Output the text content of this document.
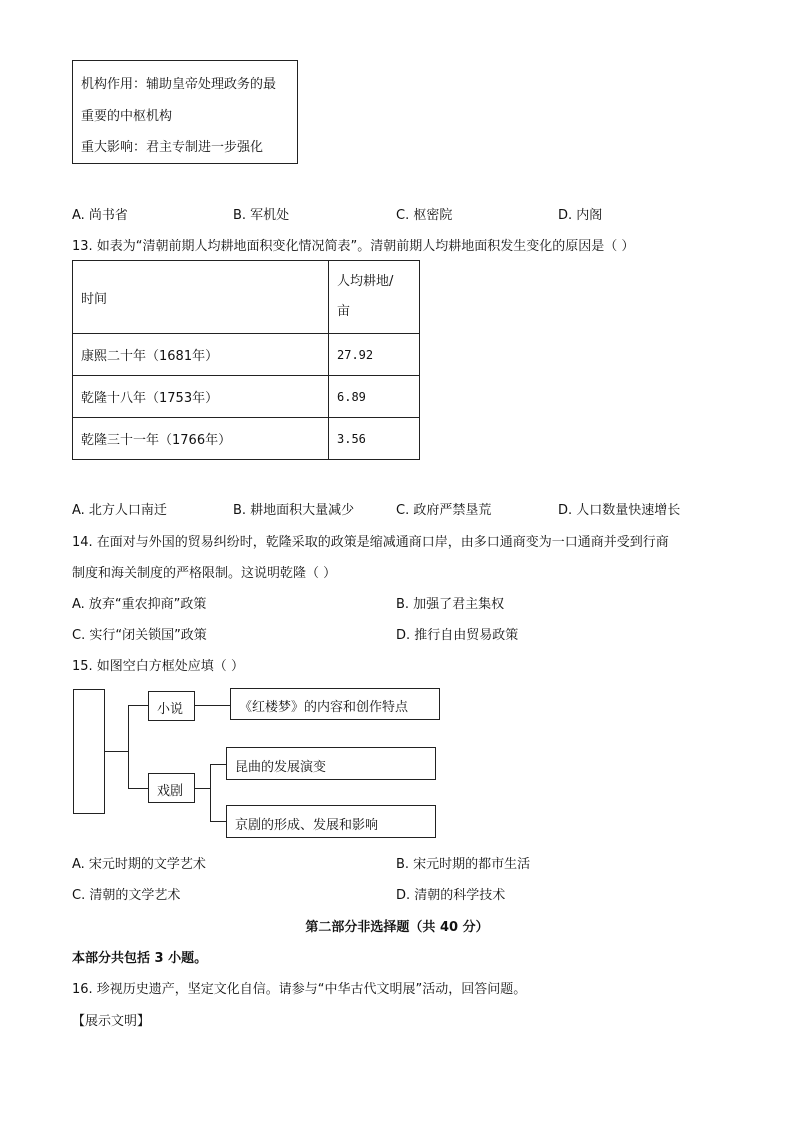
机构作用：辅助皇帝处理政务的最
重要的中枢机构
重大影响：君主专制进一步强化
A. 尚书省	B. 军机处	C. 枢密院	D. 内阁
13. 如表为“清朝前期人均耕地面积变化情况简表”。清朝前期人均耕地面积发生变化的原因是（ ）
时间	人均耕地/
亩
康熙二十年（1681年）	27.92
乾隆十八年（1753年）	6.89
乾隆三十一年（1766年）	3.56
A. 北方人口南迁	B. 耕地面积大量减少	C. 政府严禁垦荒	D. 人口数量快速增长
14. 在面对与外国的贸易纠纷时，乾隆采取的政策是缩减通商口岸，由多口通商变为一口通商并受到行商
制度和海关制度的严格限制。这说明乾隆（ ）
A. 放弃“重农抑商”政策	B. 加强了君主集权
C. 实行“闭关锁国”政策	D. 推行自由贸易政策
15. 如图空白方框处应填（ ）
小说	《红楼梦》的内容和创作特点
戏剧
昆曲的发展演变
京剧的形成、发展和影响
A. 宋元时期的文学艺术	B. 宋元时期的都市生活
C. 清朝的文学艺术	D. 清朝的科学技术
第二部分非选择题（共 40 分）
本部分共包括 3 小题。
16. 珍视历史遗产，坚定文化自信。请参与“中华古代文明展”活动，回答问题。
【展示文明】
